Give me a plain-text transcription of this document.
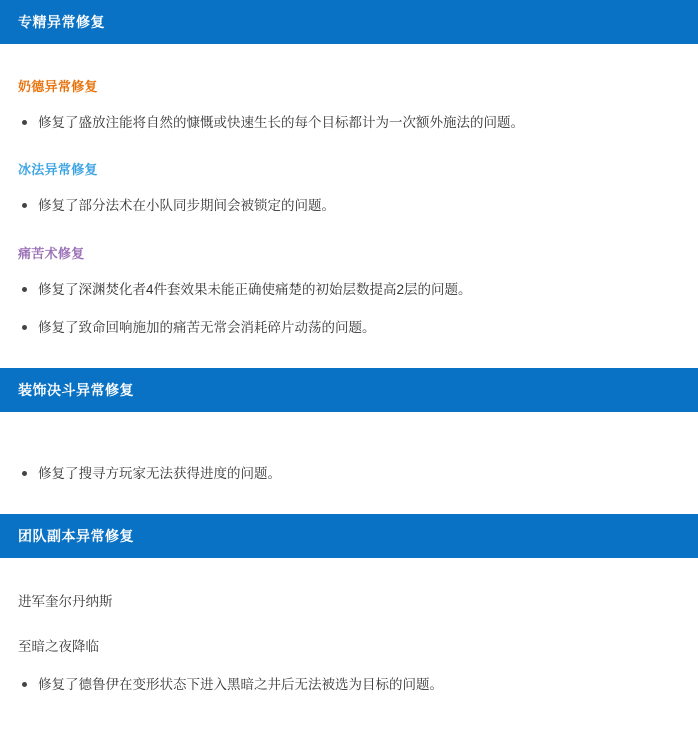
专精异常修复
奶德异常修复
修复了盛放注能将自然的慷慨或快速生长的每个目标都计为一次额外施法的问题。
冰法异常修复
修复了部分法术在小队同步期间会被锁定的问题。
痛苦术修复
修复了深渊焚化者4件套效果未能正确使痛楚的初始层数提高2层的问题。
修复了致命回响施加的痛苦无常会消耗碎片动荡的问题。
装饰决斗异常修复
修复了搜寻方玩家无法获得进度的问题。
团队副本异常修复
进军奎尔丹纳斯
至暗之夜降临
修复了德鲁伊在变形状态下进入黑暗之井后无法被选为目标的问题。
